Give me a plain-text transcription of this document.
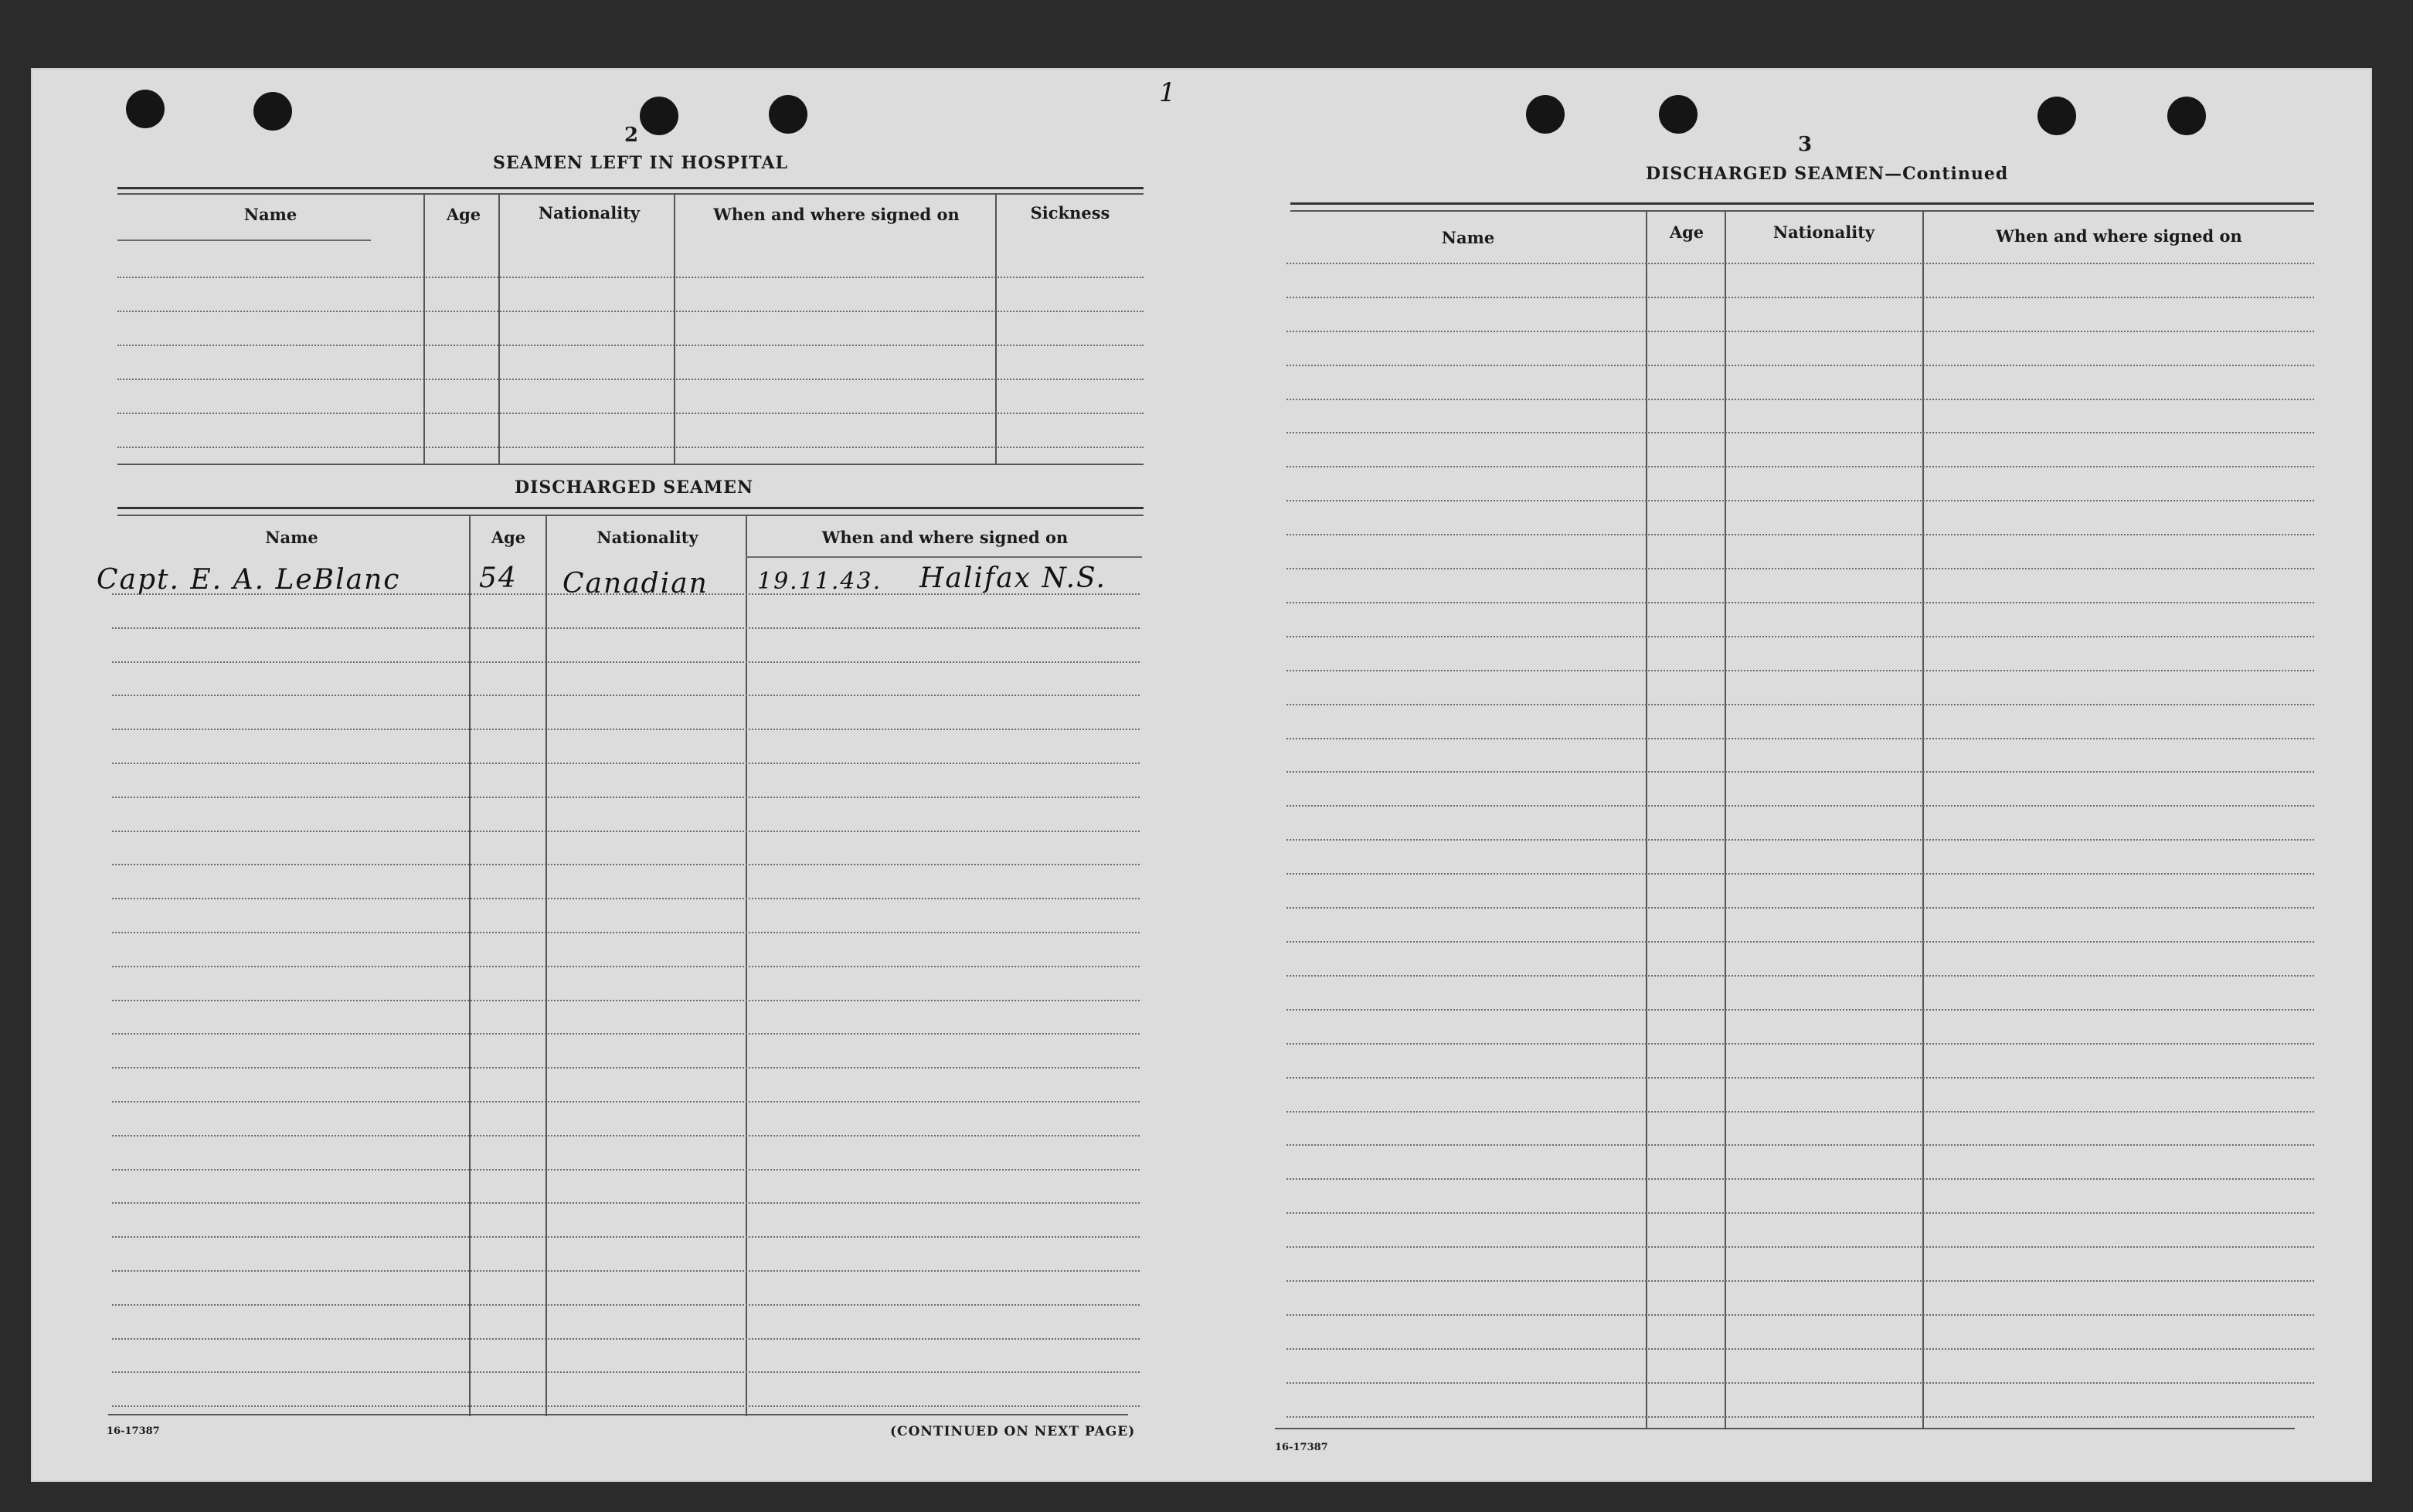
1
2
SEAMEN LEFT IN HOSPITAL
Name	Age	Nationality	When and where signed on	Sickness
DISCHARGED SEAMEN
Name	Age	Nationality	When and where signed on
Capt. E. A. LeBlanc	54 Canadian 19.11.43. Halifax N.S.
16-17387	(CONTINUED ON NEXT PAGE)
3
DISCHARGED SEAMEN—Continued
Name	Age	Nationality	When and where signed on
16-17387
